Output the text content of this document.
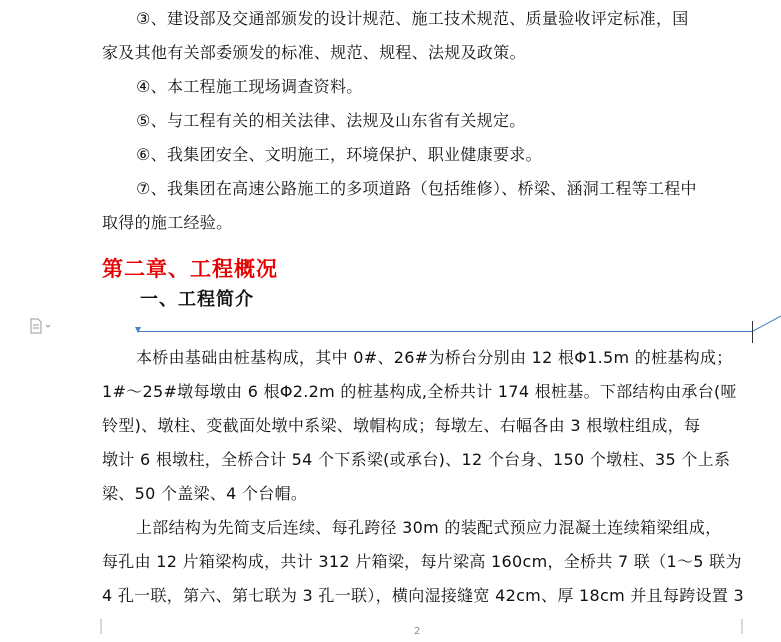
③、建设部及交通部颁发的设计规范、施工技术规范、质量验收评定标准，国
家及其他有关部委颁发的标准、规范、规程、法规及政策。
④、本工程施工现场调查资料。
⑤、与工程有关的相关法律、法规及山东省有关规定。
⑥、我集团安全、文明施工，环境保护、职业健康要求。
⑦、我集团在高速公路施工的多项道路（包括维修）、桥梁、涵洞工程等工程中
取得的施工经验。
第二章、工程概况
一、工程简介
本桥由基础由桩基构成，其中 0#、26#为桥台分别由 12 根Φ1.5m 的桩基构成；
1#～25#墩每墩由 6 根Φ2.2m 的桩基构成,全桥共计 174 根桩基。下部结构由承台(哑
铃型)、墩柱、变截面处墩中系梁、墩帽构成；每墩左、右幅各由 3 根墩柱组成，每
墩计 6 根墩柱，全桥合计 54 个下系梁(或承台)、12 个台身、150 个墩柱、35 个上系
梁、50 个盖梁、4 个台帽。
上部结构为先简支后连续、每孔跨径 30m 的装配式预应力混凝土连续箱梁组成，
每孔由 12 片箱梁构成，共计 312 片箱梁，每片梁高 160cm，全桥共 7 联（1～5 联为
4 孔一联，第六、第七联为 3 孔一联），横向湿接缝宽 42cm、厚 18cm 并且每跨设置 3
2
